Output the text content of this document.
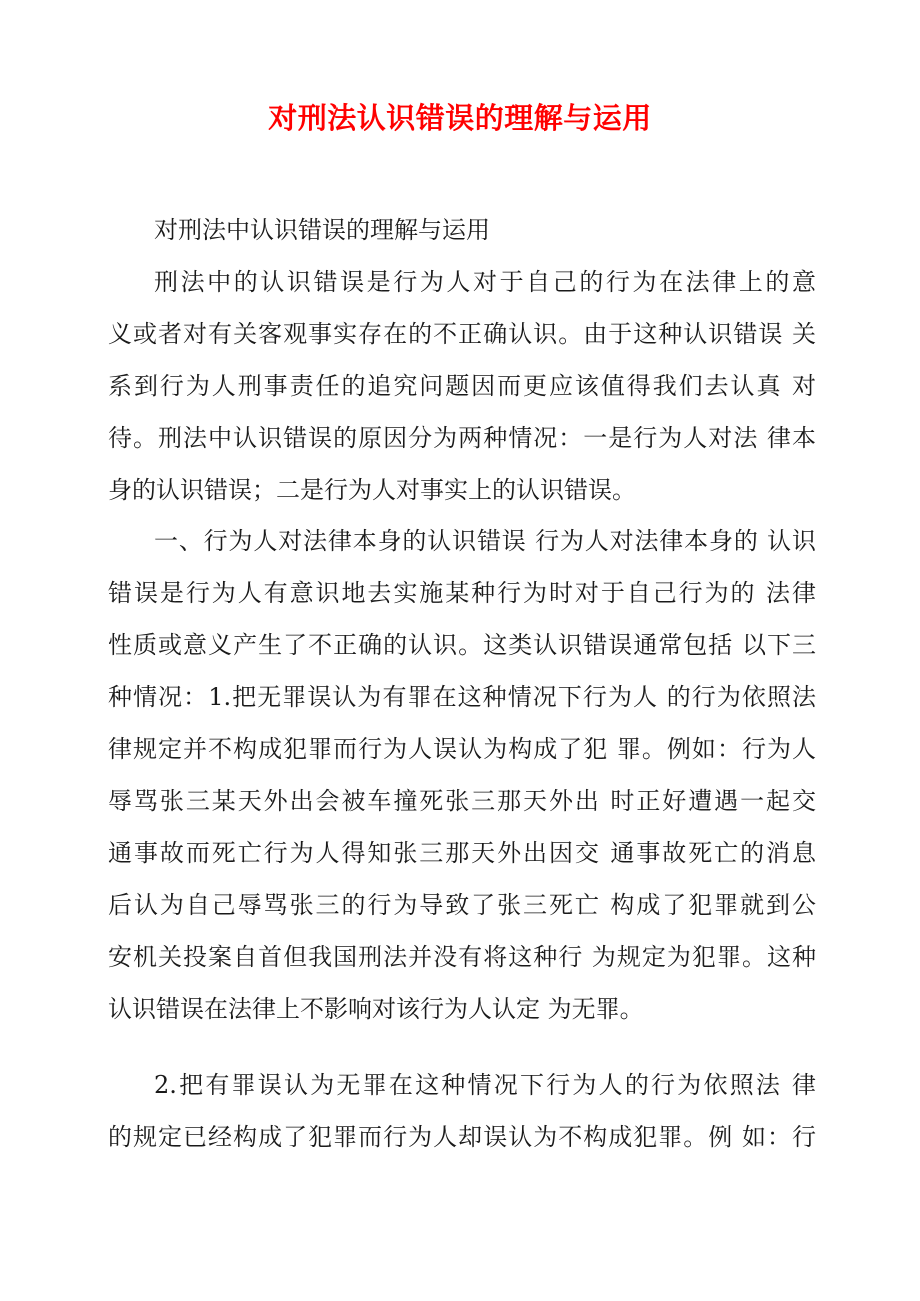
对刑法认识错误的理解与运用
对刑法中认识错误的理解与运用
刑法中的认识错误是行为人对于自己的行为在法律上的意
义或者对有关客观事实存在的不正确认识。由于这种认识错误 关
系到行为人刑事责任的追究问题因而更应该值得我们去认真 对
待。刑法中认识错误的原因分为两种情况：一是行为人对法 律本
身的认识错误；二是行为人对事实上的认识错误。
一、行为人对法律本身的认识错误 行为人对法律本身的 认识
错误是行为人有意识地去实施某种行为时对于自己行为的 法律
性质或意义产生了不正确的认识。这类认识错误通常包括 以下三
种情况：1.把无罪误认为有罪在这种情况下行为人 的行为依照法
律规定并不构成犯罪而行为人误认为构成了犯 罪。例如：行为人
辱骂张三某天外出会被车撞死张三那天外出 时正好遭遇一起交
通事故而死亡行为人得知张三那天外出因交 通事故死亡的消息
后认为自己辱骂张三的行为导致了张三死亡 构成了犯罪就到公
安机关投案自首但我国刑法并没有将这种行 为规定为犯罪。这种
认识错误在法律上不影响对该行为人认定 为无罪。
2.把有罪误认为无罪在这种情况下行为人的行为依照法 律
的规定已经构成了犯罪而行为人却误认为不构成犯罪。例 如：行
